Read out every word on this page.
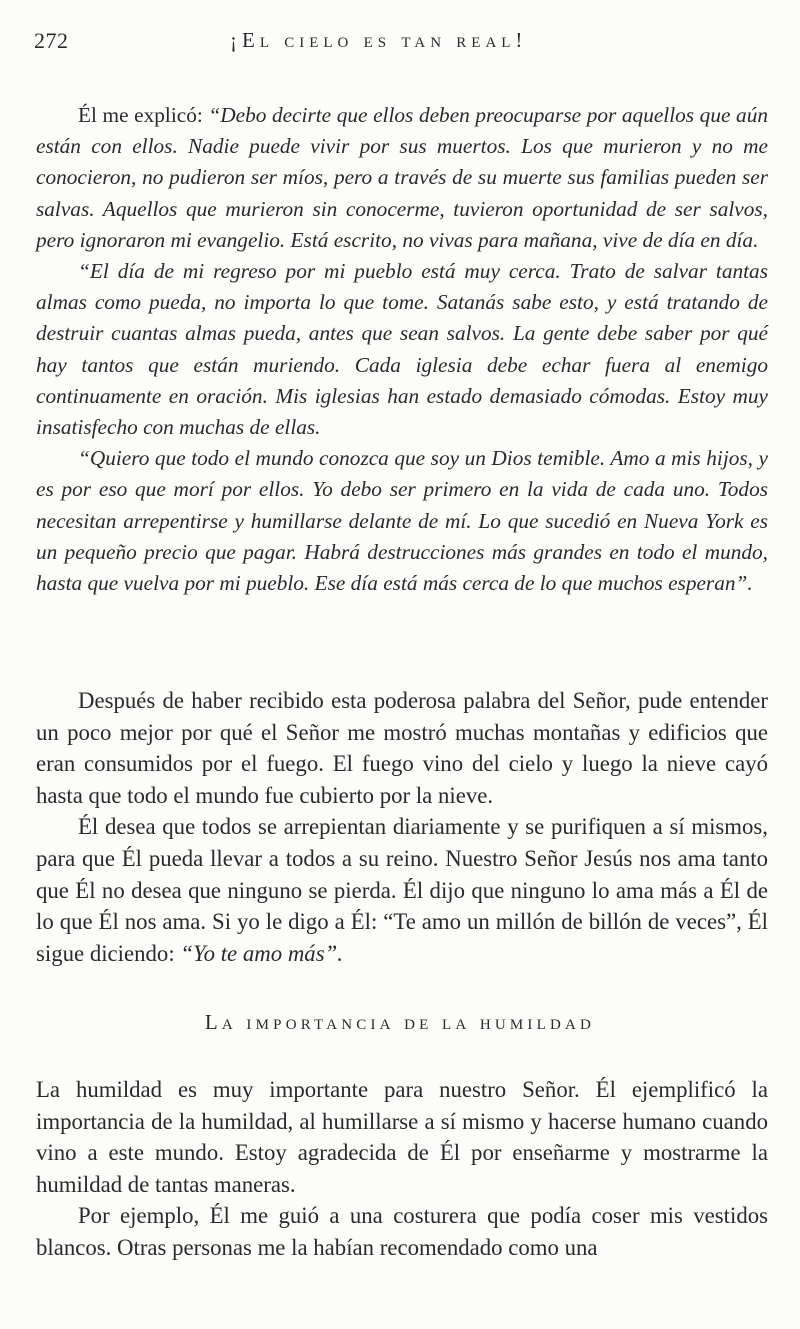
272	¡El cielo es tan real!

Él me explicó: “Debo decirte que ellos deben preocuparse por aquellos que aún están con ellos. Nadie puede vivir por sus muertos. Los que murieron y no me conocieron, no pudieron ser míos, pero a través de su muerte sus familias pueden ser salvas. Aquellos que murieron sin conocerme, tuvieron oportunidad de ser salvos, pero ignoraron mi evangelio. Está escrito, no vivas para mañana, vive de día en día.

“El día de mi regreso por mi pueblo está muy cerca. Trato de salvar tantas almas como pueda, no importa lo que tome. Satanás sabe esto, y está tratando de destruir cuantas almas pueda, antes que sean salvos. La gente debe saber por qué hay tantos que están muriendo. Cada iglesia debe echar fuera al enemigo continuamente en oración. Mis iglesias han estado demasiado cómodas. Estoy muy insatisfecho con muchas de ellas.

“Quiero que todo el mundo conozca que soy un Dios temible. Amo a mis hijos, y es por eso que morí por ellos. Yo debo ser primero en la vida de cada uno. Todos necesitan arrepentirse y humillarse delante de mí. Lo que sucedió en Nueva York es un pequeño precio que pagar. Habrá destrucciones más grandes en todo el mundo, hasta que vuelva por mi pueblo. Ese día está más cerca de lo que muchos esperan”.

Después de haber recibido esta poderosa palabra del Señor, pude entender un poco mejor por qué el Señor me mostró muchas montañas y edificios que eran consumidos por el fuego. El fuego vino del cielo y luego la nieve cayó hasta que todo el mundo fue cubierto por la nieve.

Él desea que todos se arrepientan diariamente y se purifiquen a sí mismos, para que Él pueda llevar a todos a su reino. Nuestro Señor Jesús nos ama tanto que Él no desea que ninguno se pierda. Él dijo que ninguno lo ama más a Él de lo que Él nos ama. Si yo le digo a Él: “Te amo un millón de billón de veces”, Él sigue diciendo: “Yo te amo más”.

La importancia de la humildad

La humildad es muy importante para nuestro Señor. Él ejemplificó la importancia de la humildad, al humillarse a sí mismo y hacerse humano cuando vino a este mundo. Estoy agradecida de Él por enseñarme y mostrarme la humildad de tantas maneras.

Por ejemplo, Él me guió a una costurera que podía coser mis vestidos blancos. Otras personas me la habían recomendado como una
